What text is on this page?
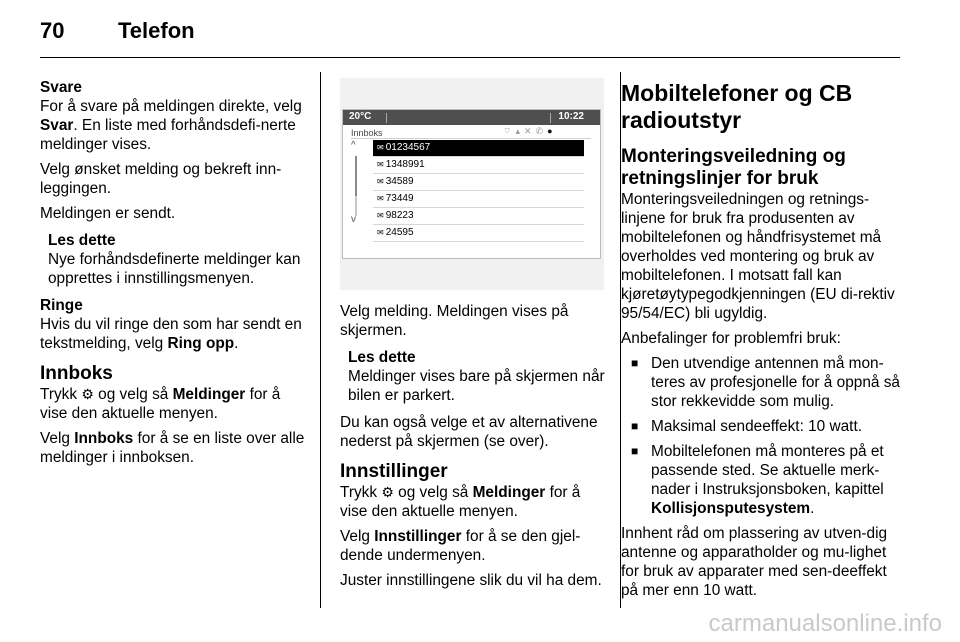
70 Telefon

Svare

For å svare på meldingen direkte, velg Svar. En liste med forhåndsdefi-nerte meldinger vises.

Velg ønsket melding og bekreft inn-leggingen.

Meldingen er sendt.

Les dette
Nye forhåndsdefinerte meldinger kan opprettes i innstillingsmenyen.

Ringe

Hvis du vil ringe den som har sendt en tekstmelding, velg Ring opp.

Innboks

Trykk ⚙ og velg så Meldinger for å vise den aktuelle menyen.

Velg Innboks for å se en liste over alle meldinger i innboksen.

20°C	10:22
Innboks	⌔▴✕✆●
^
v
✉ 01234567
✉ 1348991
✉ 34589
✉ 73449
✉ 98223
✉ 24595

Velg melding. Meldingen vises på skjermen.

Les dette
Meldinger vises bare på skjermen når bilen er parkert.

Du kan også velge et av alternativene nederst på skjermen (se over).

Innstillinger

Trykk ⚙ og velg så Meldinger for å vise den aktuelle menyen.

Velg Innstillinger for å se den gjel-dende undermenyen.

Juster innstillingene slik du vil ha dem.

Mobiltelefoner og CB radioutstyr

Monteringsveiledning og retningslinjer for bruk

Monteringsveiledningen og retnings-linjene for bruk fra produsenten av mobiltelefonen og håndfrisystemet må overholdes ved montering og bruk av mobiltelefonen. I motsatt fall kan kjøretøytypegodkjenningen (EU di-rektiv 95/54/EC) bli ugyldig.

Anbefalinger for problemfri bruk:

■ Den utvendige antennen må mon-teres av profesjonelle for å oppnå så stor rekkevidde som mulig.
■ Maksimal sendeeffekt: 10 watt.
■ Mobiltelefonen må monteres på et passende sted. Se aktuelle merk-nader i Instruksjonsboken, kapittel Kollisjonsputesystem.

Innhent råd om plassering av utven-dig antenne og apparatholder og mu-lighet for bruk av apparater med sen-deeffekt på mer enn 10 watt.

carmanualsonline.info
